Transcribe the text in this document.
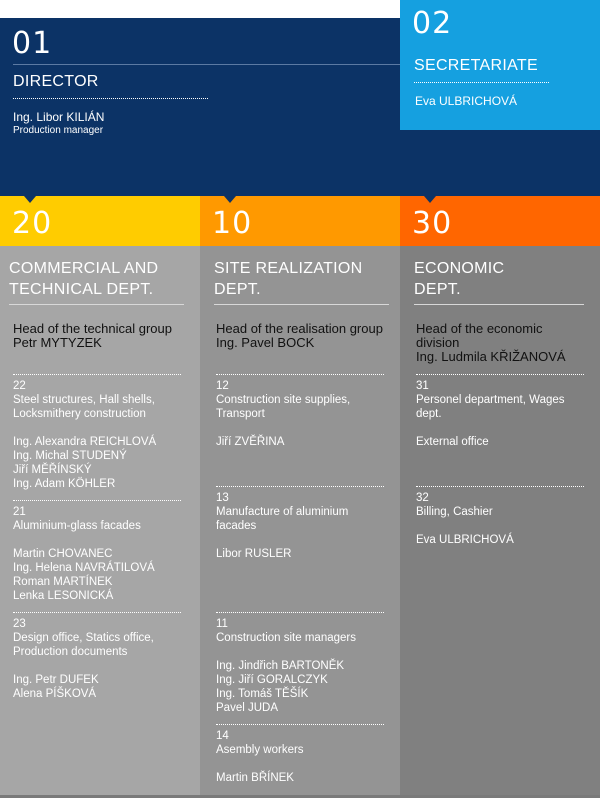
01
DIRECTOR
Ing. Libor KILIÁN
Production manager
02
SECRETARIATE
Eva ULBRICHOVÁ
20	10	30
COMMERCIAL AND
TECHNICAL DEPT.
Head of the technical group
Petr MYTYZEK
22
Steel structures, Hall shells,
Locksmithery construction
Ing. Alexandra REICHLOVÁ
Ing. Michal STUDENÝ
Jiří MĚŘÍNSKÝ
Ing. Adam KÖHLER
21
Aluminium-glass facades
Martin CHOVANEC
Ing. Helena NAVRÁTILOVÁ
Roman MARTÍNEK
Lenka LESONICKÁ
23
Design office, Statics office,
Production documents
Ing. Petr DUFEK
Alena PÍŠKOVÁ
SITE REALIZATION
DEPT.
Head of the realisation group
Ing. Pavel BOCK
12
Construction site supplies,
Transport
Jiří ZVĚŘINA
13
Manufacture of aluminium
facades
Libor RUSLER
11
Construction site managers
Ing. Jindřich BARTONĚK
Ing. Jiří GORALCZYK
Ing. Tomáš TĚŠÍK
Pavel JUDA
14
Asembly workers
Martin BŘÍNEK
ECONOMIC
DEPT.
Head of the economic
division
Ing. Ludmila KŘIŽANOVÁ
31
Personel department, Wages
dept.
External office
32
Billing, Cashier
Eva ULBRICHOVÁ
